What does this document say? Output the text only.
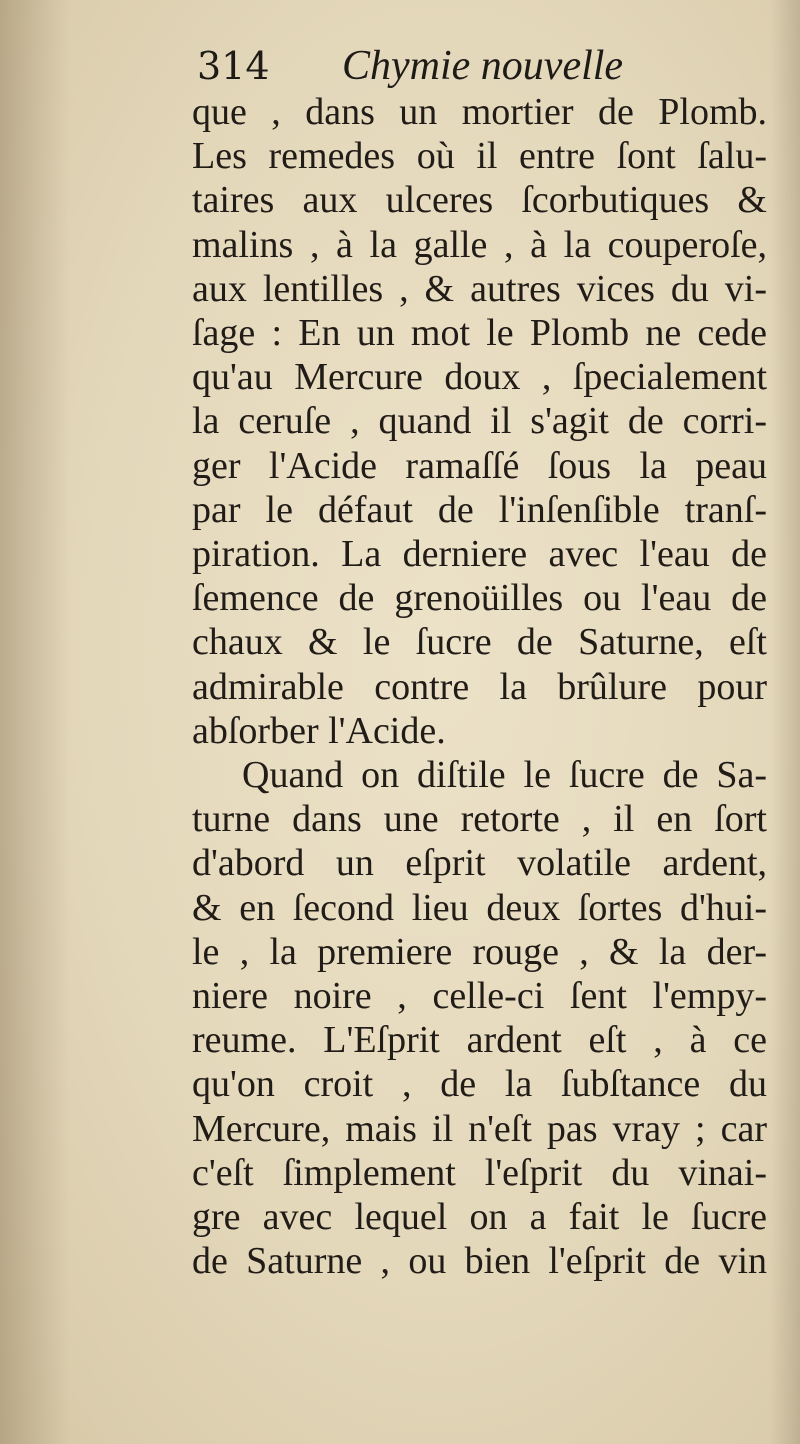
314 Chymie nouvelle
que , dans un mortier de Plomb.
Les remedes où il entre ſont ſalu-
taires aux ulceres ſcorbutiques &
malins , à la galle , à la couperoſe,
aux lentilles , & autres vices du vi-
ſage : En un mot le Plomb ne cede
qu'au Mercure doux , ſpecialement
la ceruſe , quand il s'agit de corri-
ger l'Acide ramaſſé ſous la peau
par le défaut de l'inſenſible tranſ-
piration. La derniere avec l'eau de
ſemence de grenoüilles ou l'eau de
chaux & le ſucre de Saturne, eſt
admirable contre la brûlure pour
abſorber l'Acide.
Quand on diſtile le ſucre de Sa-
turne dans une retorte , il en ſort
d'abord un eſprit volatile ardent,
& en ſecond lieu deux ſortes d'hui-
le , la premiere rouge , & la der-
niere noire , celle-ci ſent l'empy-
reume. L'Eſprit ardent eſt , à ce
qu'on croit , de la ſubſtance du
Mercure, mais il n'eſt pas vray ; car
c'eſt ſimplement l'eſprit du vinai-
gre avec lequel on a fait le ſucre
de Saturne , ou bien l'eſprit de vin
